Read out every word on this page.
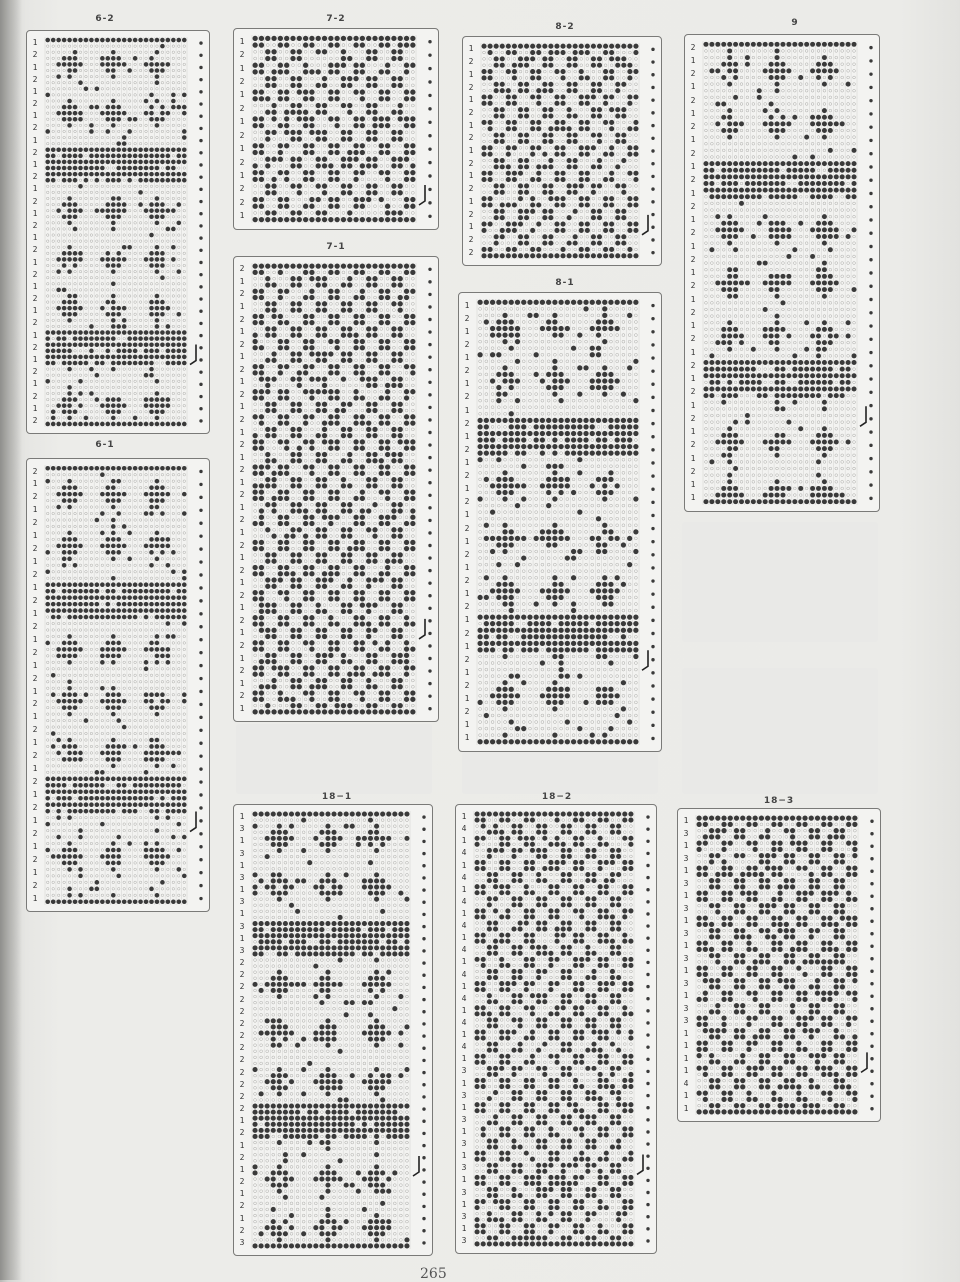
6-2
6-1
7-2
7-1
8-2
8-1
9
18−1	18−2	18−3
1
2
1
2
1
2
1
2
1
2
1
2
1
2
1
2
1
2
1
2
1
2
1
2
1
2
1
2
1
2
1
2
2
1
2
1
2
1
2
1
2
1
2
1
2
1
2
1
2
1
2
1
2
1
2
1
2
1
2
1
2
1
2
1
2
1
1
2
1
2
1
2
1
2
1
2
1
2
2
1
2
1
2
1
2
1
2
1
2
1
2
1
2
1
2
1
2
1
2
1
2
1
2
1
2
1
2
1
2
1
2
1
2
1
2
1
1
2
1
2
1
2
1
2
1
2
1
2
1
2
1
2
2
1
2
1
2
1
2
1
2
1
2
1
2
1
2
1
2
1
2
1
2
1
2
1
2
1
2
1
2
1
2
1
2
1
1
2
1
2
1
2
1
2
1
2
1
2
1
2
1
2
1
2
1
2
1
2
1
2
1
2
1
2
1
2
1
2
1
2
1
1
1
3
1
3
1
3
1
3
1
3
1
3
2
2
2
2
2
2
2
2
2
2
2
2
2
1
2
1
2
1
2
1
2
1
2
3
1
4
1
4
1
4
1
4
1
4
1
4
1
4
1
4
1
4
1
4
1
3
1
3
1
3
1
3
1
3
1
3
1
3
1
3
1
3
1
3
1
3
1
3
1
3
1
3
1
3
1
3
3
1
1
1
1
4
1
1
265
